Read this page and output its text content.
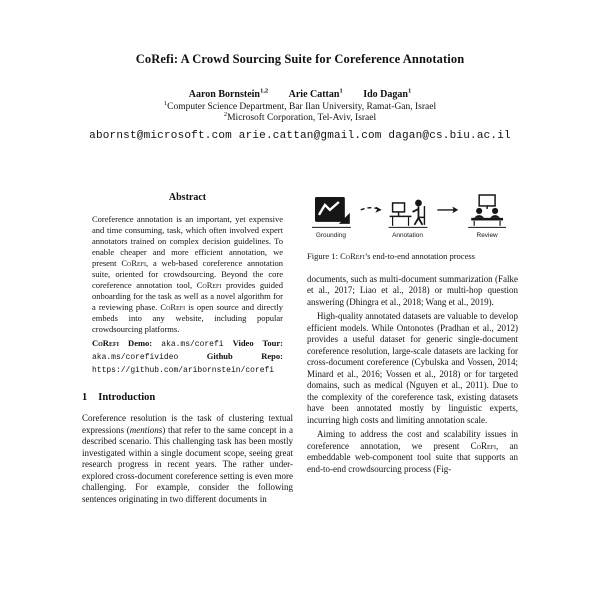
CoRefi: A Crowd Sourcing Suite for Coreference Annotation
Aaron Bornstein$^{1,2}$ Arie Cattan$^1$ Ido Dagan$^1$
$^1$Computer Science Department, Bar Ilan University, Ramat-Gan, Israel
$^2$Microsoft Corporation, Tel-Aviv, Israel
abornst@microsoft.com arie.cattan@gmail.com dagan@cs.biu.ac.il
Abstract

Coreference annotation is an important, yet expensive and time consuming, task, which often involved expert annotators trained on complex decision guidelines. To enable cheaper and more efficient annotation, we present CoRefi, a web-based coreference annotation suite, oriented for crowdsourcing. Beyond the core coreference annotation tool, CoRefi provides guided onboarding for the task as well as a novel algorithm for a reviewing phase. CoRefi is open source and directly embeds into any website, including popular crowdsourcing platforms.

CoRefi Demo: aka.ms/corefi Video Tour: aka.ms/corefivideo	Github Repo: https://github.com/aribornstein/corefi

1 Introduction

Coreference resolution is the task of clustering textual expressions (mentions) that refer to the same concept in a described scenario. This challenging task has been mostly investigated within a single document scope, seeing great research progress in recent years. The rather under-explored cross-document coreference setting is even more challenging. For example, consider the following sentences originating in two different documents in

Grounding	Annotation	Review
Figure 1: CoRefi’s end-to-end annotation process

documents, such as multi-document summarization (Falke et al., 2017; Liao et al., 2018) or multi-hop question answering (Dhingra et al., 2018; Wang et al., 2019).

High-quality annotated datasets are valuable to develop efficient models. While Ontonotes (Pradhan et al., 2012) provides a useful dataset for generic single-document coreference resolution, large-scale datasets are lacking for cross-document coreference (Cybulska and Vossen, 2014; Minard et al., 2016; Vossen et al., 2018) or for targeted domains, such as medical (Nguyen et al., 2011). Due to the complexity of the coreference task, existing datasets have been annotated mostly by linguistic experts, incurring high costs and limiting annotation scale.

Aiming to address the cost and scalability issues in coreference annotation, we present CoRefi, an embeddable web-component tool suite that supports an end-to-end crowdsourcing process (Fig-
